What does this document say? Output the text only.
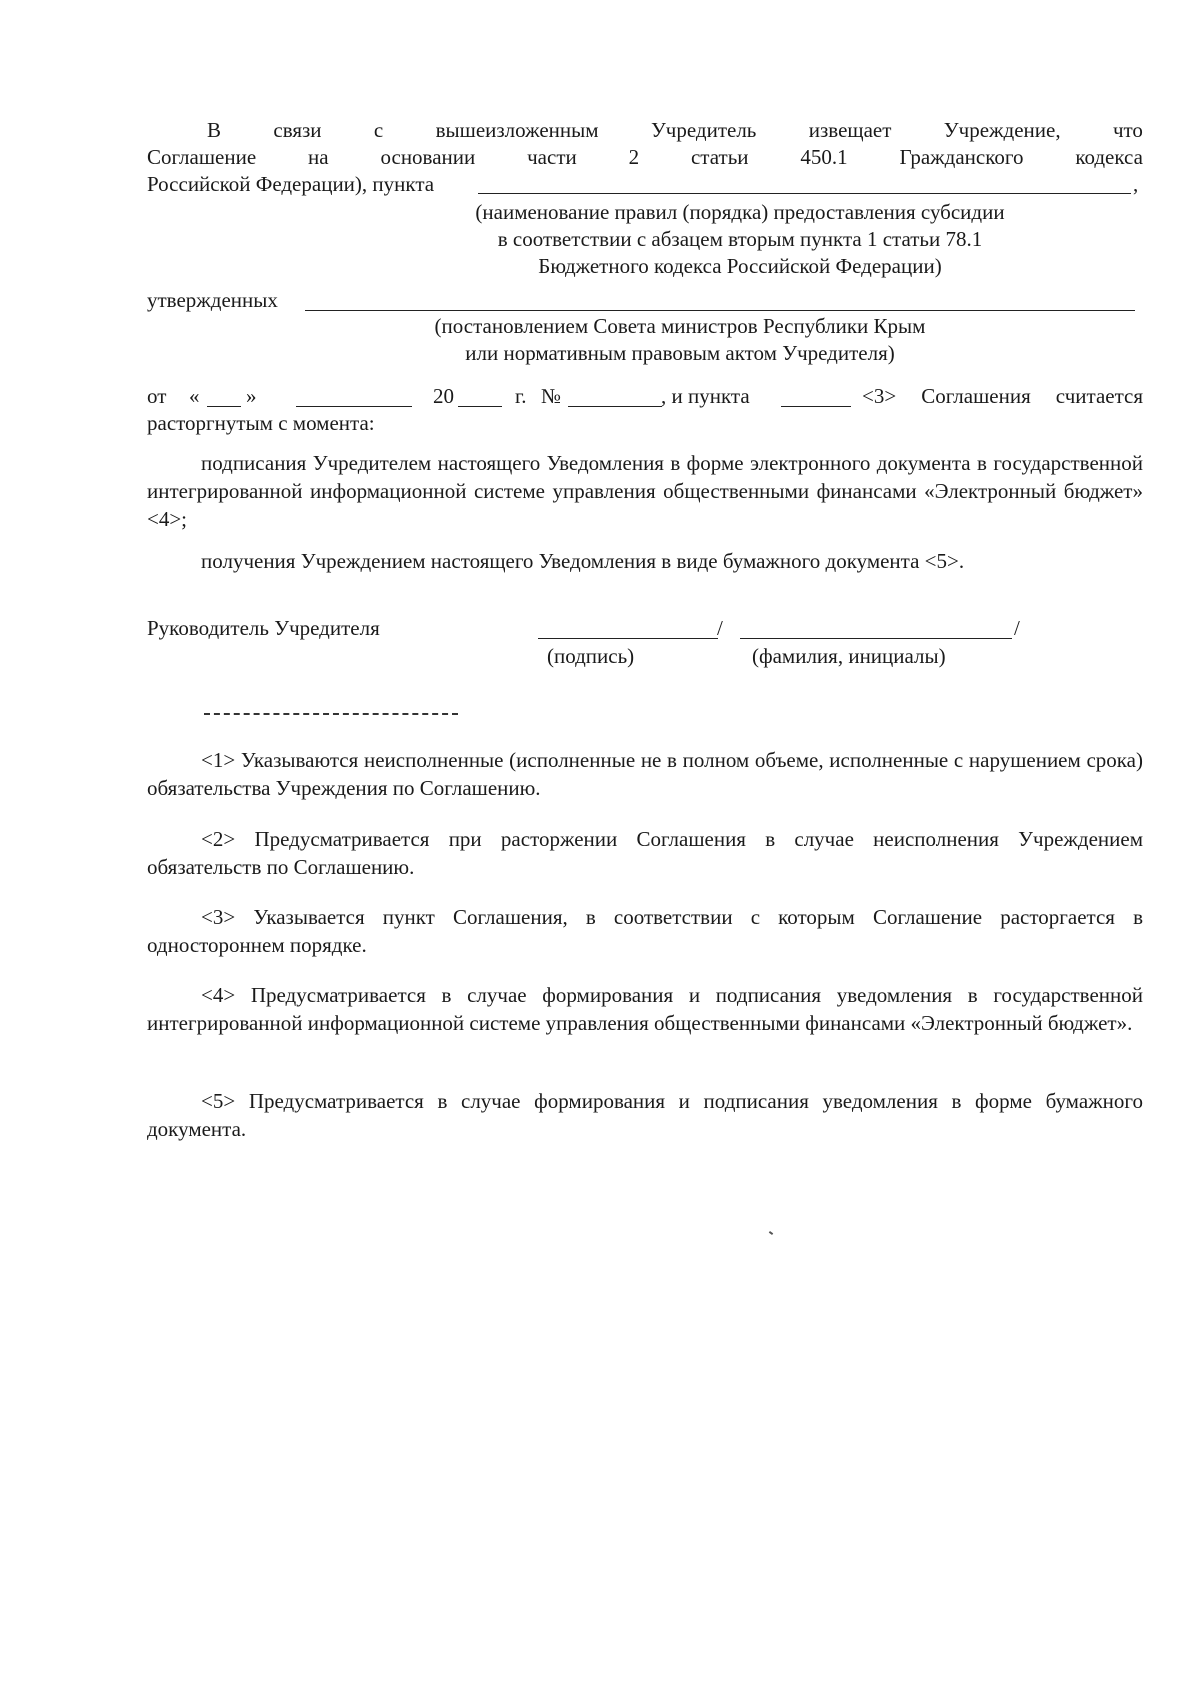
В связи с вышеизложенным Учредитель извещает Учреждение, что
Соглашение на основании части 2 статьи 450.1 Гражданского кодекса
Российской Федерации), пункта	,
(наименование правил (порядка) предоставления субсидии
в соответствии с абзацем вторым пункта 1 статьи 78.1
Бюджетного кодекса Российской Федерации)
утвержденных
(постановлением Совета министров Республики Крым
или нормативным правовым актом Учредителя)
от « »	20	г. №	, и пункта	<3> Соглашения считается
расторгнутым с момента:
подписания Учредителем настоящего Уведомления в форме электронного документа в государственной интегрированной информационной системе управления общественными финансами «Электронный бюджет» <4>;
получения Учреждением настоящего Уведомления в виде бумажного документа <5>.
Руководитель Учредителя	/	/
(подпись)	(фамилия, инициалы)
<1> Указываются неисполненные (исполненные не в полном объеме, исполненные с нарушением срока) обязательства Учреждения по Соглашению.
<2> Предусматривается при расторжении Соглашения в случае неисполнения Учреждением обязательств по Соглашению.
<3> Указывается пункт Соглашения, в соответствии с которым Соглашение расторгается в одностороннем порядке.
<4> Предусматривается в случае формирования и подписания уведомления в государственной интегрированной информационной системе управления общественными финансами «Электронный бюджет».
<5> Предусматривается в случае формирования и подписания уведомления в форме бумажного документа.
